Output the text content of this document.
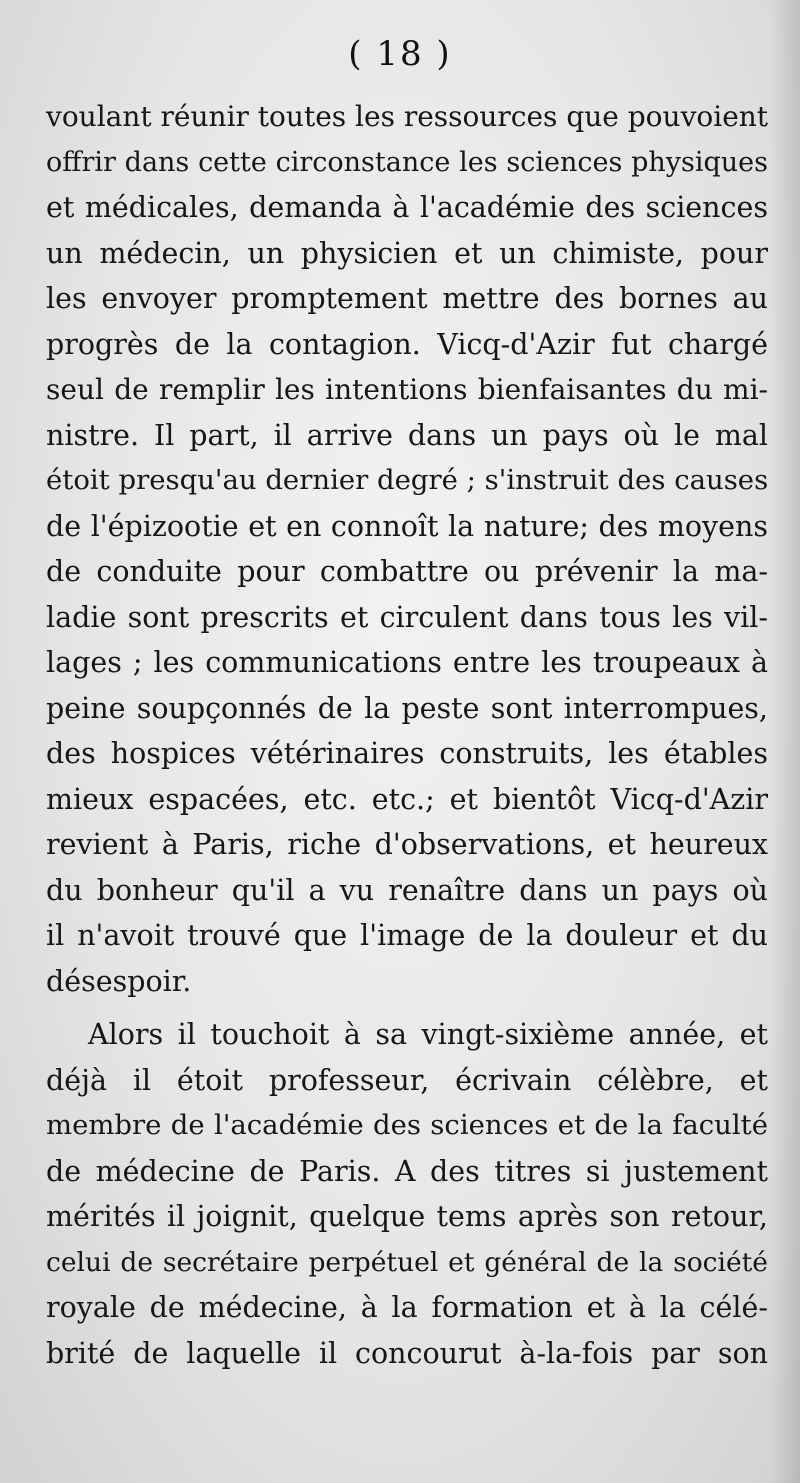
( 18 )
voulant réunir toutes les ressources que pouvoient
offrir dans cette circonstance les sciences physiques
et médicales, demanda à l'académie des sciences
un médecin, un physicien et un chimiste, pour
les envoyer promptement mettre des bornes au
progrès de la contagion. Vicq-d'Azir fut chargé
seul de remplir les intentions bienfaisantes du mi-
nistre. Il part, il arrive dans un pays où le mal
étoit presqu'au dernier degré ; s'instruit des causes
de l'épizootie et en connoît la nature; des moyens
de conduite pour combattre ou prévenir la ma-
ladie sont prescrits et circulent dans tous les vil-
lages ; les communications entre les troupeaux à
peine soupçonnés de la peste sont interrompues,
des hospices vétérinaires construits, les étables
mieux espacées, etc. etc.; et bientôt Vicq-d'Azir
revient à Paris, riche d'observations, et heureux
du bonheur qu'il a vu renaître dans un pays où
il n'avoit trouvé que l'image de la douleur et du
désespoir.
Alors il touchoit à sa vingt-sixième année, et
déjà il étoit professeur, écrivain célèbre, et
membre de l'académie des sciences et de la faculté
de médecine de Paris. A des titres si justement
mérités il joignit, quelque tems après son retour,
celui de secrétaire perpétuel et général de la société
royale de médecine, à la formation et à la célé-
brité de laquelle il concourut à-la-fois par son
